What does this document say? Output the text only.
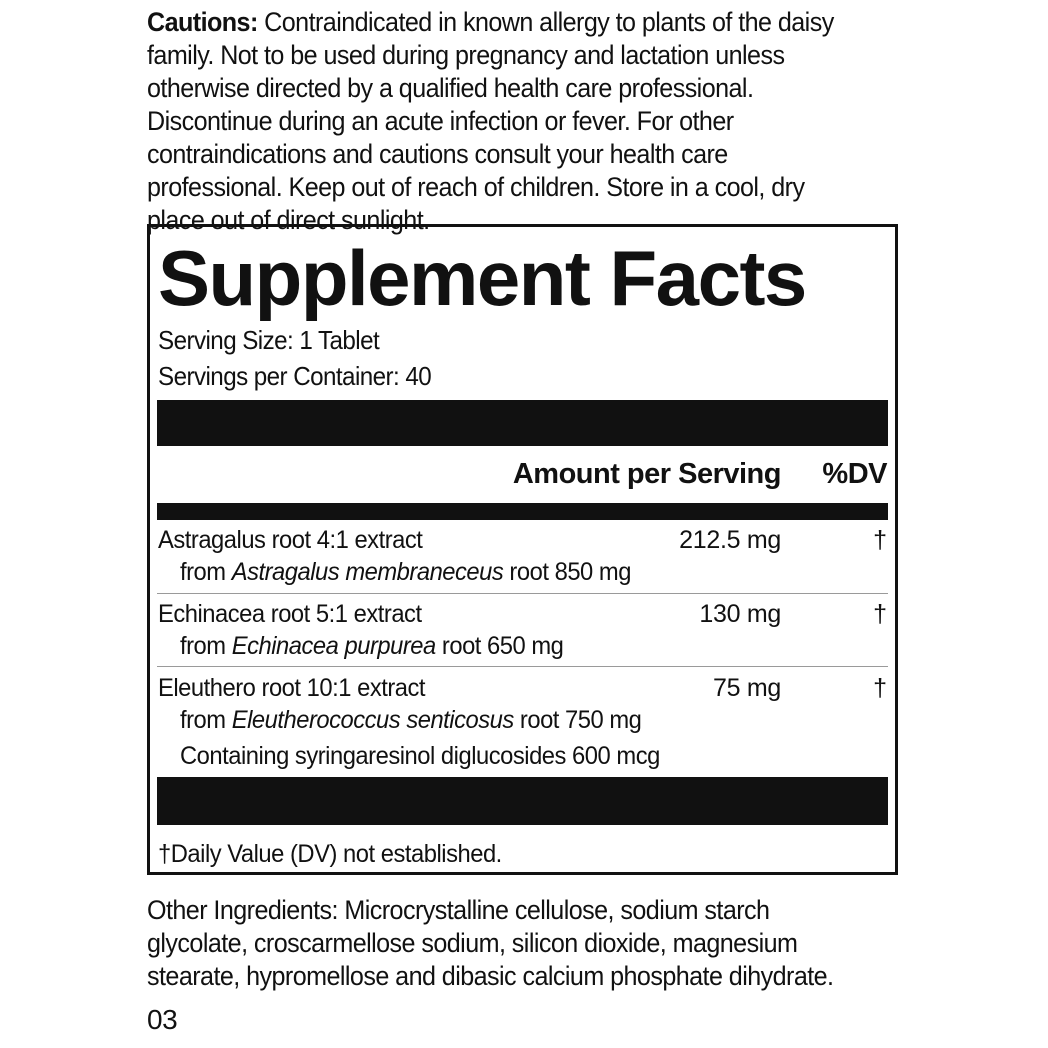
Cautions: Contraindicated in known allergy to plants of the daisy family. Not to be used during pregnancy and lactation unless otherwise directed by a qualified health care professional. Discontinue during an acute infection or fever. For other contraindications and cautions consult your health care professional. Keep out of reach of children. Store in a cool, dry place out of direct sunlight.

Supplement Facts
Serving Size: 1 Tablet
Servings per Container: 40
Amount per Serving %DV
Astragalus root 4:1 extract	212.5 mg	†
from Astragalus membraneceus root 850 mg
Echinacea root 5:1 extract	130 mg	†
from Echinacea purpurea root 650 mg
Eleuthero root 10:1 extract	75 mg	†
from Eleutherococcus senticosus root 750 mg
Containing syringaresinol diglucosides 600 mcg
†Daily Value (DV) not established.

Other Ingredients: Microcrystalline cellulose, sodium starch glycolate, croscarmellose sodium, silicon dioxide, magnesium stearate, hypromellose and dibasic calcium phosphate dihydrate.

03
